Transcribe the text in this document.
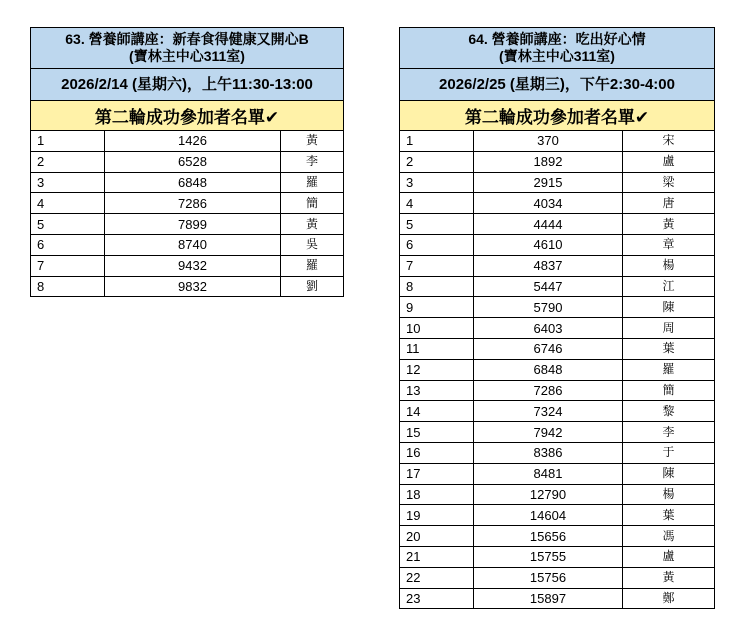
63. 營養師講座：新春食得健康又開心B
(寶林主中心311室)		

2026/2/14 (星期六)，上午11:30-13:00		
第二輪成功參加者名單✔		
1	1426	黃
2	6528	李
3	6848	羅
4	7286	簡
5	7899	黃
6	8740	吳
7	9432	羅
8	9832	劉
64. 營養師講座：吃出好心情
(寶林主中心311室)		

2026/2/25 (星期三)，下午2:30-4:00		
第二輪成功參加者名單✔		
1	370	宋
2	1892	盧
3	2915	梁
4	4034	唐
5	4444	黃
6	4610	章
7	4837	楊
8	5447	江
9	5790	陳
10	6403	周
11	6746	葉
12	6848	羅
13	7286	簡
14	7324	黎
15	7942	李
16	8386	于
17	8481	陳
18	12790	楊
19	14604	葉
20	15656	馮
21	15755	盧
22	15756	黃
23	15897	鄭
